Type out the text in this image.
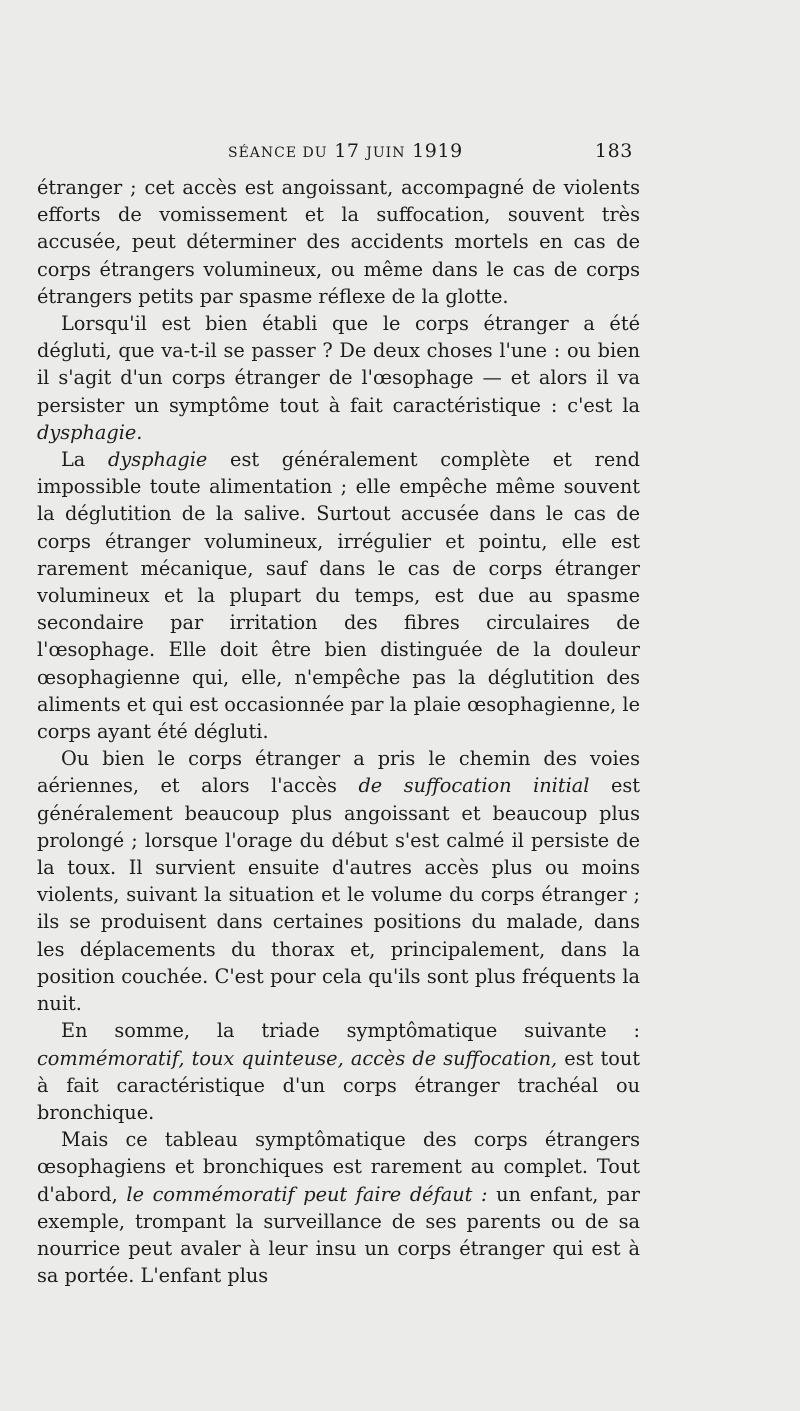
SÉANCE DU 17 JUIN 1919	183

étranger ; cet accès est angoissant, accompagné de violents efforts de vomissement et la suffocation, souvent très accusée, peut déterminer des accidents mortels en cas de corps étrangers volumineux, ou même dans le cas de corps étrangers petits par spasme réflexe de la glotte.

Lorsqu'il est bien établi que le corps étranger a été dégluti, que va-t-il se passer ? De deux choses l'une : ou bien il s'agit d'un corps étranger de l'œsophage — et alors il va persister un symptôme tout à fait caractéristique : c'est la dysphagie.

La dysphagie est généralement complète et rend impossible toute alimentation ; elle empêche même souvent la déglutition de la salive. Surtout accusée dans le cas de corps étranger volumineux, irrégulier et pointu, elle est rarement mécanique, sauf dans le cas de corps étranger volumineux et la plupart du temps, est due au spasme secondaire par irritation des fibres circulaires de l'œsophage. Elle doit être bien distinguée de la douleur œsophagienne qui, elle, n'empêche pas la déglutition des aliments et qui est occasionnée par la plaie œsophagienne, le corps ayant été dégluti.

Ou bien le corps étranger a pris le chemin des voies aériennes, et alors l'accès de suffocation initial est généralement beaucoup plus angoissant et beaucoup plus prolongé ; lorsque l'orage du début s'est calmé il persiste de la toux. Il survient ensuite d'autres accès plus ou moins violents, suivant la situation et le volume du corps étranger ; ils se produisent dans certaines positions du malade, dans les déplacements du thorax et, principalement, dans la position couchée. C'est pour cela qu'ils sont plus fréquents la nuit.

En somme, la triade symptômatique suivante : commémoratif, toux quinteuse, accès de suffocation, est tout à fait caractéristique d'un corps étranger trachéal ou bronchique.

Mais ce tableau symptômatique des corps étrangers œsophagiens et bronchiques est rarement au complet. Tout d'abord, le commémoratif peut faire défaut : un enfant, par exemple, trompant la surveillance de ses parents ou de sa nourrice peut avaler à leur insu un corps étranger qui est à sa portée. L'enfant plus
